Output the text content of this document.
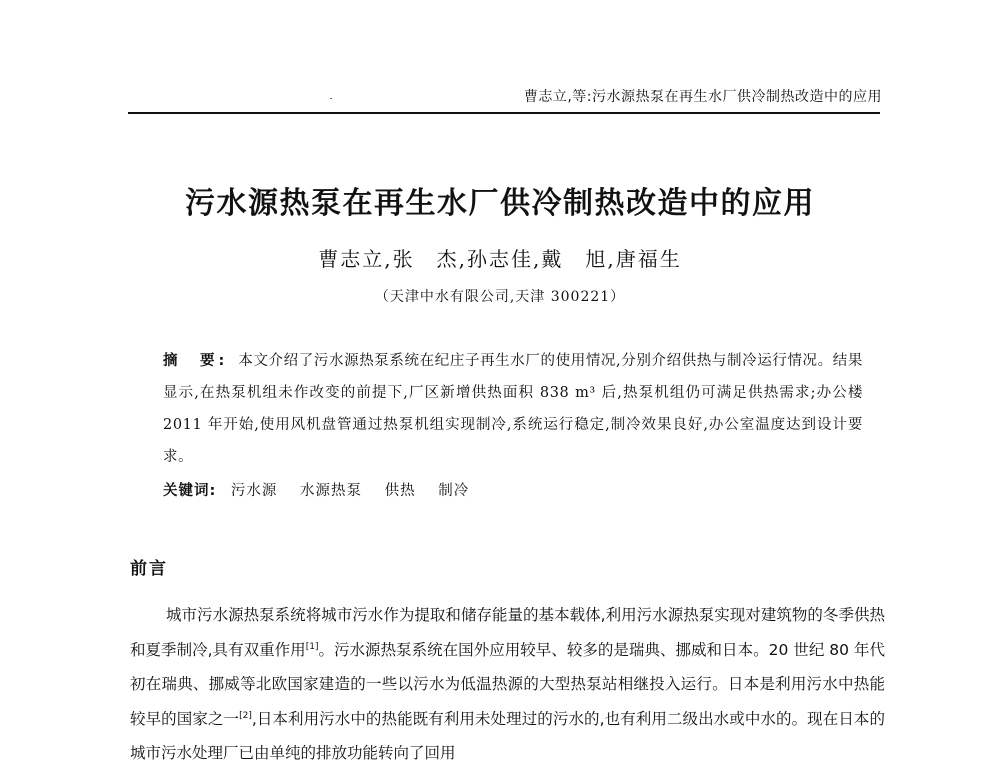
曹志立,等:污水源热泵在再生水厂供冷制热改造中的应用
污水源热泵在再生水厂供冷制热改造中的应用
曹志立,张　杰,孙志佳,戴　旭,唐福生
（天津中水有限公司,天津 300221）
摘　要: 本文介绍了污水源热泵系统在纪庄子再生水厂的使用情况,分别介绍供热与制冷运行情况。结果显示,在热泵机组未作改变的前提下,厂区新增供热面积 838 m³ 后,热泵机组仍可满足供热需求;办公楼 2011 年开始,使用风机盘管通过热泵机组实现制冷,系统运行稳定,制冷效果良好,办公室温度达到设计要求。
关键词: 污水源 水源热泵 供热 制冷
前言
城市污水源热泵系统将城市污水作为提取和储存能量的基本载体,利用污水源热泵实现对建筑物的冬季供热和夏季制冷,具有双重作用[1]。污水源热泵系统在国外应用较早、较多的是瑞典、挪威和日本。20 世纪 80 年代初在瑞典、挪威等北欧国家建造的一些以污水为低温热源的大型热泵站相继投入运行。日本是利用污水中热能较早的国家之一[2],日本利用污水中的热能既有利用未处理过的污水的,也有利用二级出水或中水的。现在日本的城市污水处理厂已由单纯的排放功能转向了回用
